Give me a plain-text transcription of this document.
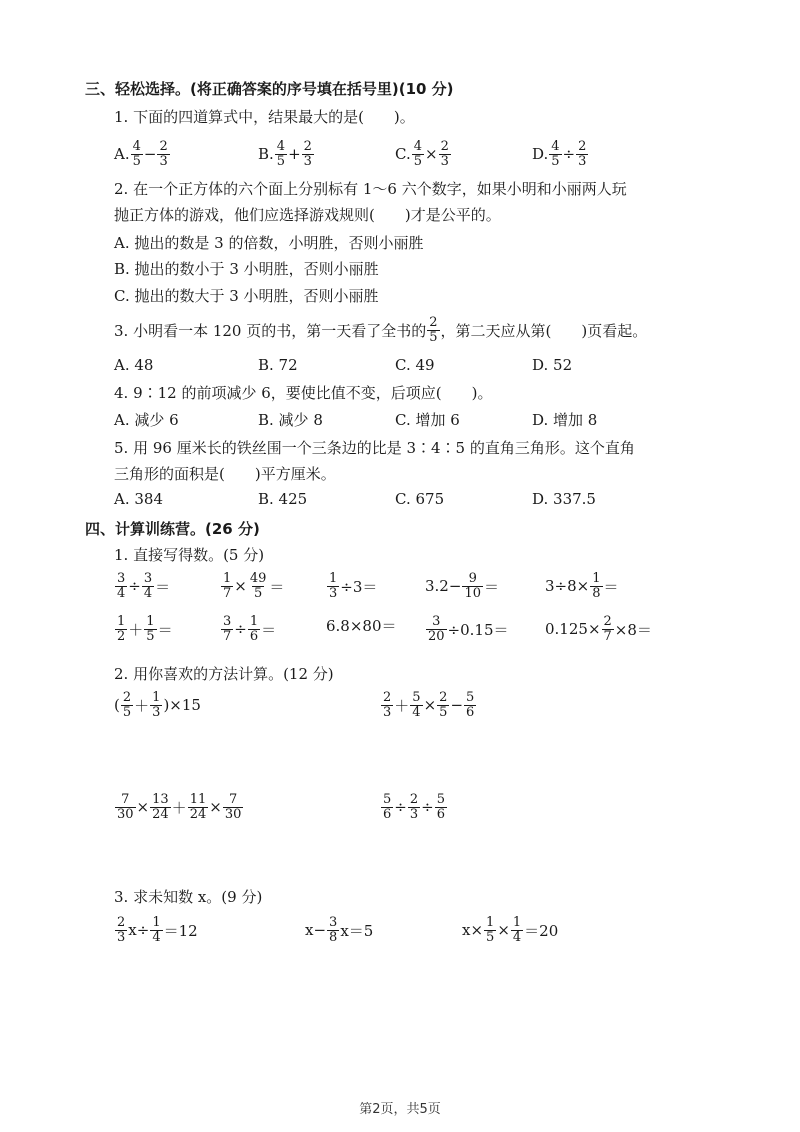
三、轻松选择。(将正确答案的序号填在括号里)(10 分)
1. 下面的四道算式中，结果最大的是(　　)。
A. $\frac{4}{5} - \frac{2}{3}$	B. $\frac{4}{5} + \frac{2}{3}$	C. $\frac{4}{5} \times \frac{2}{3}$	D. $\frac{4}{5} \div \frac{2}{3}$
2. 在一个正方体的六个面上分别标有 1～6 六个数字，如果小明和小丽两人玩
抛正方体的游戏，他们应选择游戏规则(　　)才是公平的。
A. 抛出的数是 3 的倍数，小明胜，否则小丽胜
B. 抛出的数小于 3 小明胜，否则小丽胜
C. 抛出的数大于 3 小明胜，否则小丽胜
3. 小明看一本 120 页的书，第一天看了全书的 $\frac{2}{5}$ ，第二天应从第(　　)页看起。
A. 48	B. 72	C. 49	D. 52
4. 9∶12 的前项减少 6，要使比值不变，后项应(　　)。
A. 减少 6	B. 减少 8	C. 增加 6	D. 增加 8
5. 用 96 厘米长的铁丝围一个三条边的比是 3∶4∶5 的直角三角形。这个直角
三角形的面积是(　　)平方厘米。
A. 384	B. 425	C. 675	D. 337.5
四、计算训练营。(26 分)
1. 直接写得数。(5 分)
$\frac{3}{4} \div \frac{3}{4}$ ＝	$\frac{1}{7} \times \frac{49}{5}$ ＝	$\frac{1}{3} \div 3=$	$3.2- \frac{9}{10}$ ＝	$3\div 8\times \frac{1}{8}$ ＝
$\frac{1}{2} + \frac{1}{5}$ ＝	$\frac{3}{7} \div \frac{1}{6}$ ＝	$6.8\times 80= \frac{3}{20} \div 0.15= 0.125\times \frac{2}{7} \times 8=$
2. 用你喜欢的方法计算。(12 分)
( $\frac{2}{5} + \frac{1}{3} )\times 15$	$\frac{2}{3} + \frac{5}{4} \times \frac{2}{5} - \frac{5}{6}$
$\frac{7}{30} \times \frac{13}{24} + \frac{11}{24} \times \frac{7}{30}$	$\frac{5}{6} \div \frac{2}{3} \div \frac{5}{6}$
3. 求未知数 x。(9 分)
$\frac{2}{3} x\div \frac{1}{4} =12$	$x- \frac{3}{8} x=5$	$x\times \frac{1}{5} \times \frac{1}{4} =20$
第2页，共5页
